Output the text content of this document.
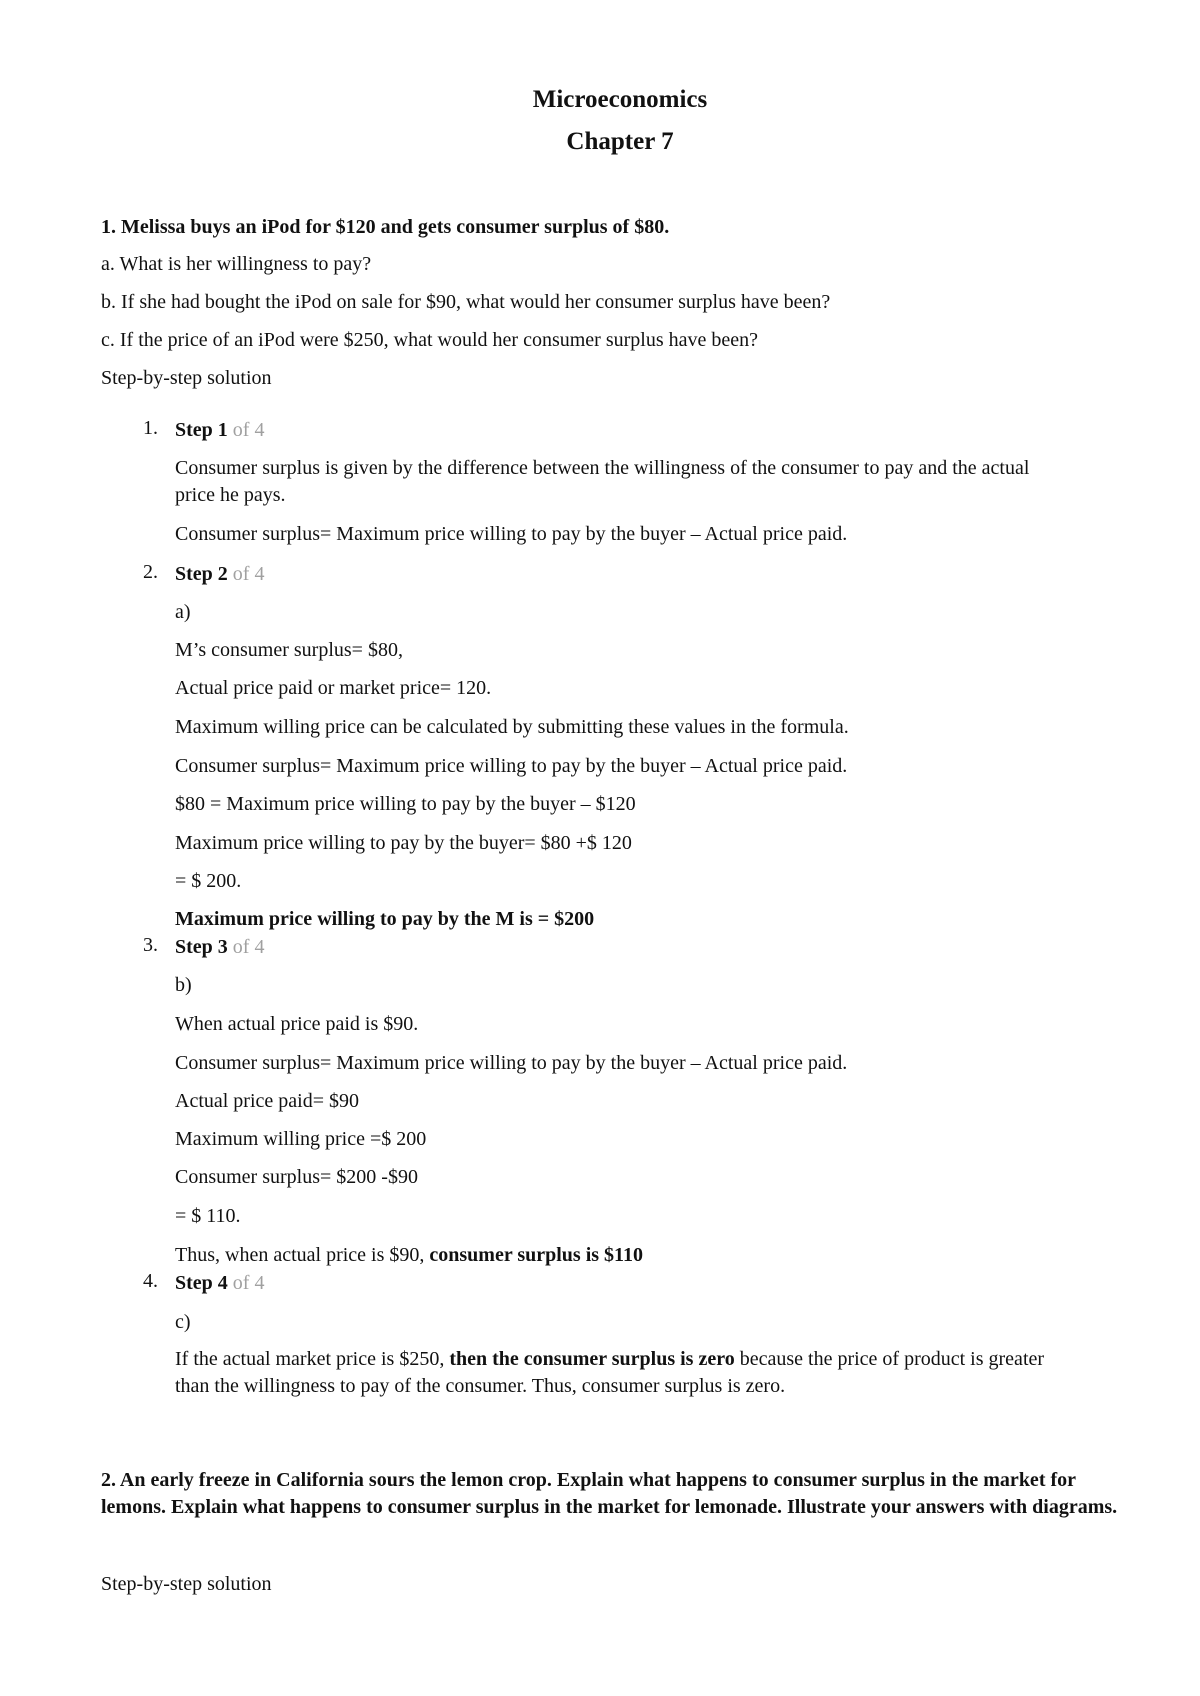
Microeconomics
Chapter 7
1. Melissa buys an iPod for $120 and gets consumer surplus of $80.
a. What is her willingness to pay?
b. If she had bought the iPod on sale for $90, what would her consumer surplus have been?
c. If the price of an iPod were $250, what would her consumer surplus have been?
Step-by-step solution
1. Step 1 of 4
Consumer surplus is given by the difference between the willingness of the consumer to pay and the actual price he pays.
Consumer surplus= Maximum price willing to pay by the buyer – Actual price paid.
2. Step 2 of 4
a)
M’s consumer surplus= $80,
Actual price paid or market price= 120.
Maximum willing price can be calculated by submitting these values in the formula.
Consumer surplus= Maximum price willing to pay by the buyer – Actual price paid.
$80 = Maximum price willing to pay by the buyer – $120
Maximum price willing to pay by the buyer= $80 +$ 120
= $ 200.
Maximum price willing to pay by the M is = $200
3. Step 3 of 4
b)
When actual price paid is $90.
Consumer surplus= Maximum price willing to pay by the buyer – Actual price paid.
Actual price paid= $90
Maximum willing price =$ 200
Consumer surplus= $200 -$90
= $ 110.
Thus, when actual price is $90, consumer surplus is $110
4. Step 4 of 4
c)
If the actual market price is $250, then the consumer surplus is zero because the price of product is greater than the willingness to pay of the consumer. Thus, consumer surplus is zero.
2. An early freeze in California sours the lemon crop. Explain what happens to consumer surplus in the market for lemons. Explain what happens to consumer surplus in the market for lemonade. Illustrate your answers with diagrams.
Step-by-step solution
